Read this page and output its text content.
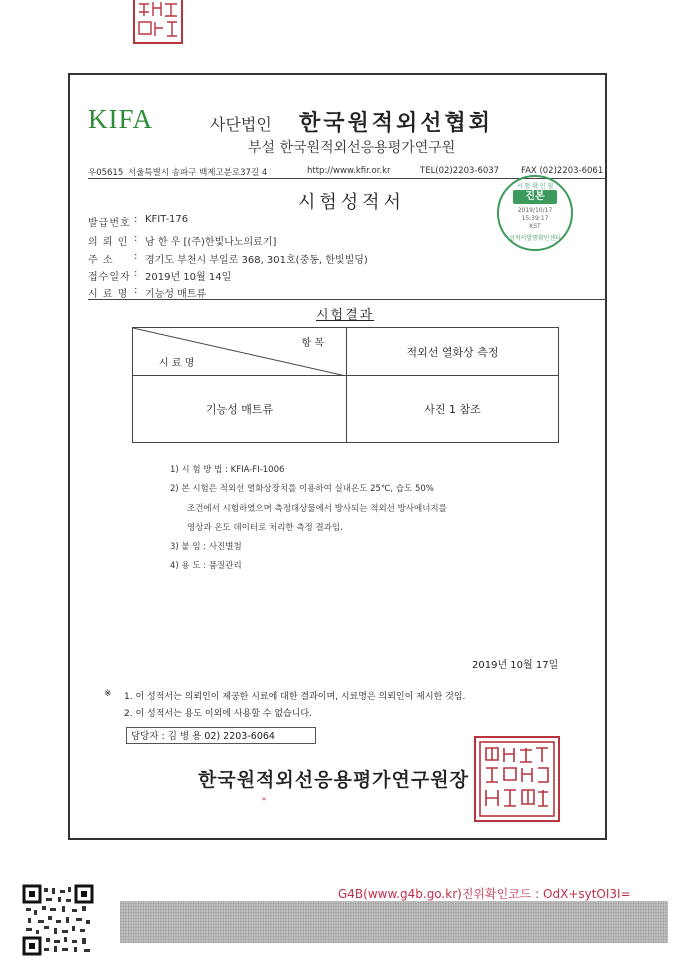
KIFA	사단법인 한국원적외선협회
부설 한국원적외선응용평가연구원
우05615 서울특별시 송파구 백제고분로37길 4	http://www.kfir.or.kr	TEL(02)2203-6037	FAX (02)2203-6061
시 험 확 인 필
진본
2019/10/17
15:39:17
KST
성적서발행확인센터
시험성적서
발급번호 : KFIT-176
의 뢰 인 : 남 한 우 [(주)한빛나노의료기]
주 소 : 경기도 부천시 부일로 368, 301호(중동, 한빛빌딩)
접수일자 : 2019년 10월 14일
시 료 명 : 기능성 매트류
시험결과
항 목
시 료 명	적외선 열화상 측정
기능성 매트류	사진 1 참조
1) 시 험 방 법 : KFIA-FI-1006
2) 본 시험은 적외선 열화상장치를 이용하여 실내온도 25℃, 습도 50%
조건에서 시험하였으며 측정대상물에서 방사되는 적외선 방사에너지를
영상과 온도 데이터로 처리한 측정 결과임.
3) 붙 임 : 사진별첨
4) 용 도 : 품질관리
2019년 10월 17일
※ 1. 이 성적서는 의뢰인이 제공한 시료에 대한 결과이며, 시료명은 의뢰인이 제시한 것임.
2. 이 성적서는 용도 이외에 사용할 수 없습니다.
담당자 : 김 병 용 02) 2203-6064
한국원적외선응용평가연구원장
*
G4B(www.g4b.go.kr)진위확인코드 : OdX+sytOI3I=
